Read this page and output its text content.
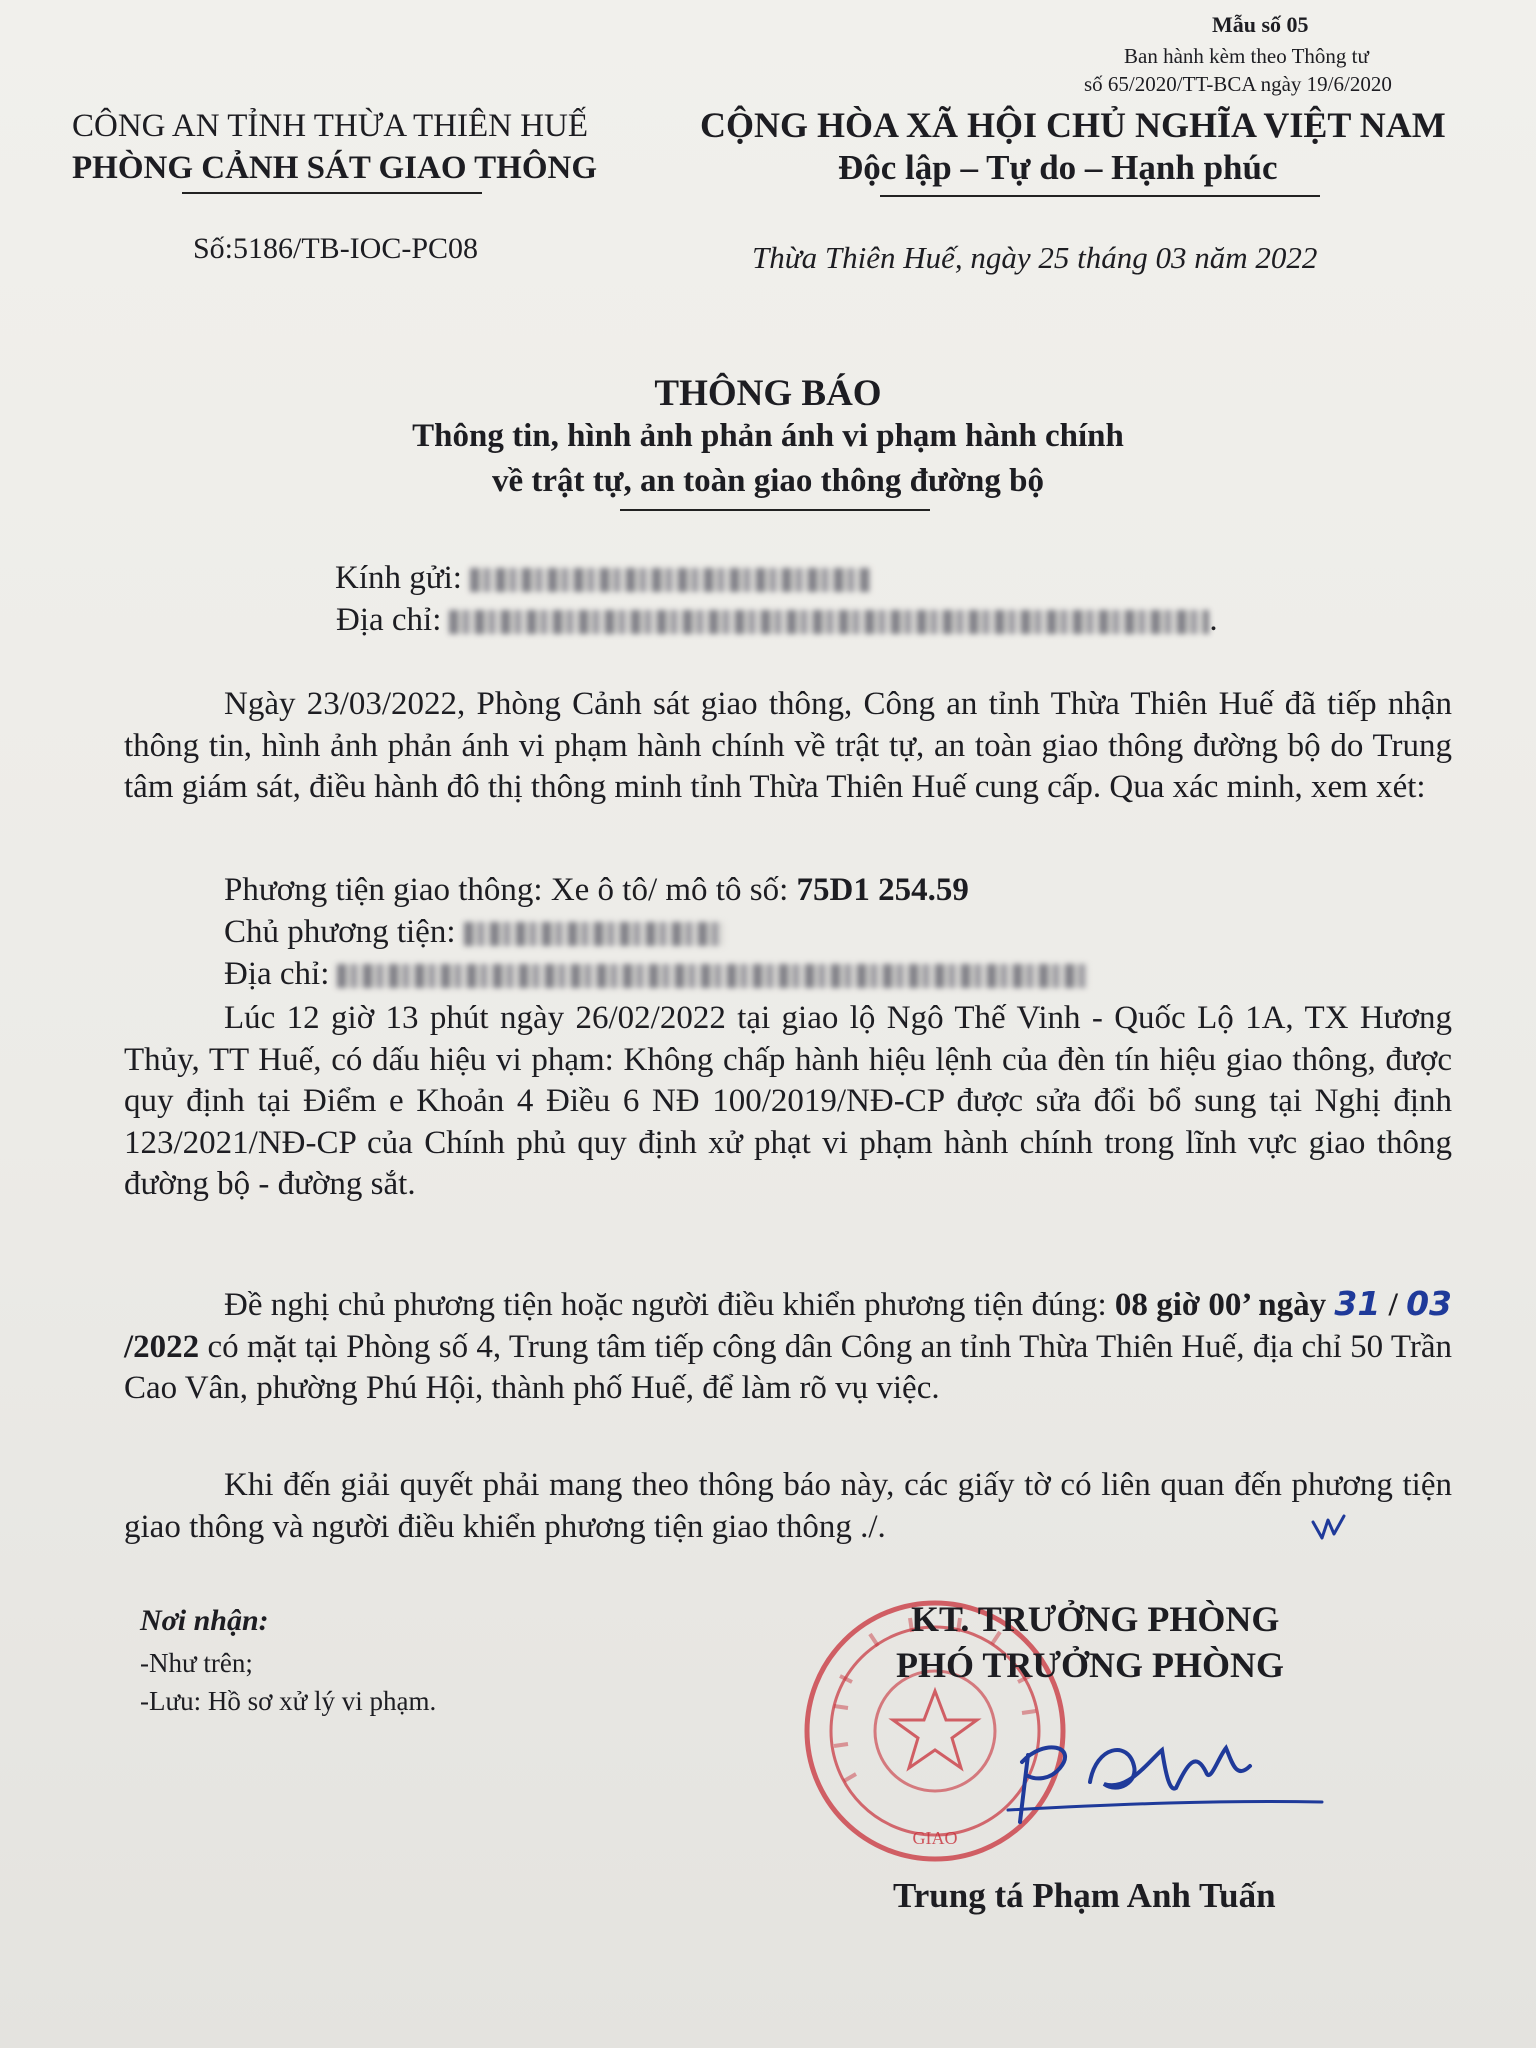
Mẫu số 05
Ban hành kèm theo Thông tư
số 65/2020/TT-BCA ngày 19/6/2020
CÔNG AN TỈNH THỪA THIÊN HUẾ
PHÒNG CẢNH SÁT GIAO THÔNG
CỘNG HÒA XÃ HỘI CHỦ NGHĨA VIỆT NAM
Độc lập – Tự do – Hạnh phúc
Số:5186/TB-IOC-PC08	Thừa Thiên Huế, ngày 25 tháng 03 năm 2022
THÔNG BÁO
Thông tin, hình ảnh phản ánh vi phạm hành chính
về trật tự, an toàn giao thông đường bộ
Kính gửi:
Địa chỉ:	.
Ngày 23/03/2022, Phòng Cảnh sát giao thông, Công an tỉnh Thừa Thiên Huế đã tiếp nhận thông tin, hình ảnh phản ánh vi phạm hành chính về trật tự, an toàn giao thông đường bộ do Trung tâm giám sát, điều hành đô thị thông minh tỉnh Thừa Thiên Huế cung cấp. Qua xác minh, xem xét:
Phương tiện giao thông: Xe ô tô/ mô tô số: 75D1 254.59
Chủ phương tiện:
Địa chỉ:
Lúc 12 giờ 13 phút ngày 26/02/2022 tại giao lộ Ngô Thế Vinh - Quốc Lộ 1A, TX Hương Thủy, TT Huế, có dấu hiệu vi phạm: Không chấp hành hiệu lệnh của đèn tín hiệu giao thông, được quy định tại Điểm e Khoản 4 Điều 6 NĐ 100/2019/NĐ-CP được sửa đổi bổ sung tại Nghị định 123/2021/NĐ-CP của Chính phủ quy định xử phạt vi phạm hành chính trong lĩnh vực giao thông đường bộ - đường sắt.
Đề nghị chủ phương tiện hoặc người điều khiển phương tiện đúng: 08 giờ 00’ ngày 31 / 03 /2022 có mặt tại Phòng số 4, Trung tâm tiếp công dân Công an tỉnh Thừa Thiên Huế, địa chỉ 50 Trần Cao Vân, phường Phú Hội, thành phố Huế, để làm rõ vụ việc.
Khi đến giải quyết phải mang theo thông báo này, các giấy tờ có liên quan đến phương tiện giao thông và người điều khiển phương tiện giao thông ./.
Nơi nhận:
-Như trên;
-Lưu: Hồ sơ xử lý vi phạm.
GIAO
KT. TRƯỞNG PHÒNG
PHÓ TRƯỞNG PHÒNG
Trung tá Phạm Anh Tuấn
